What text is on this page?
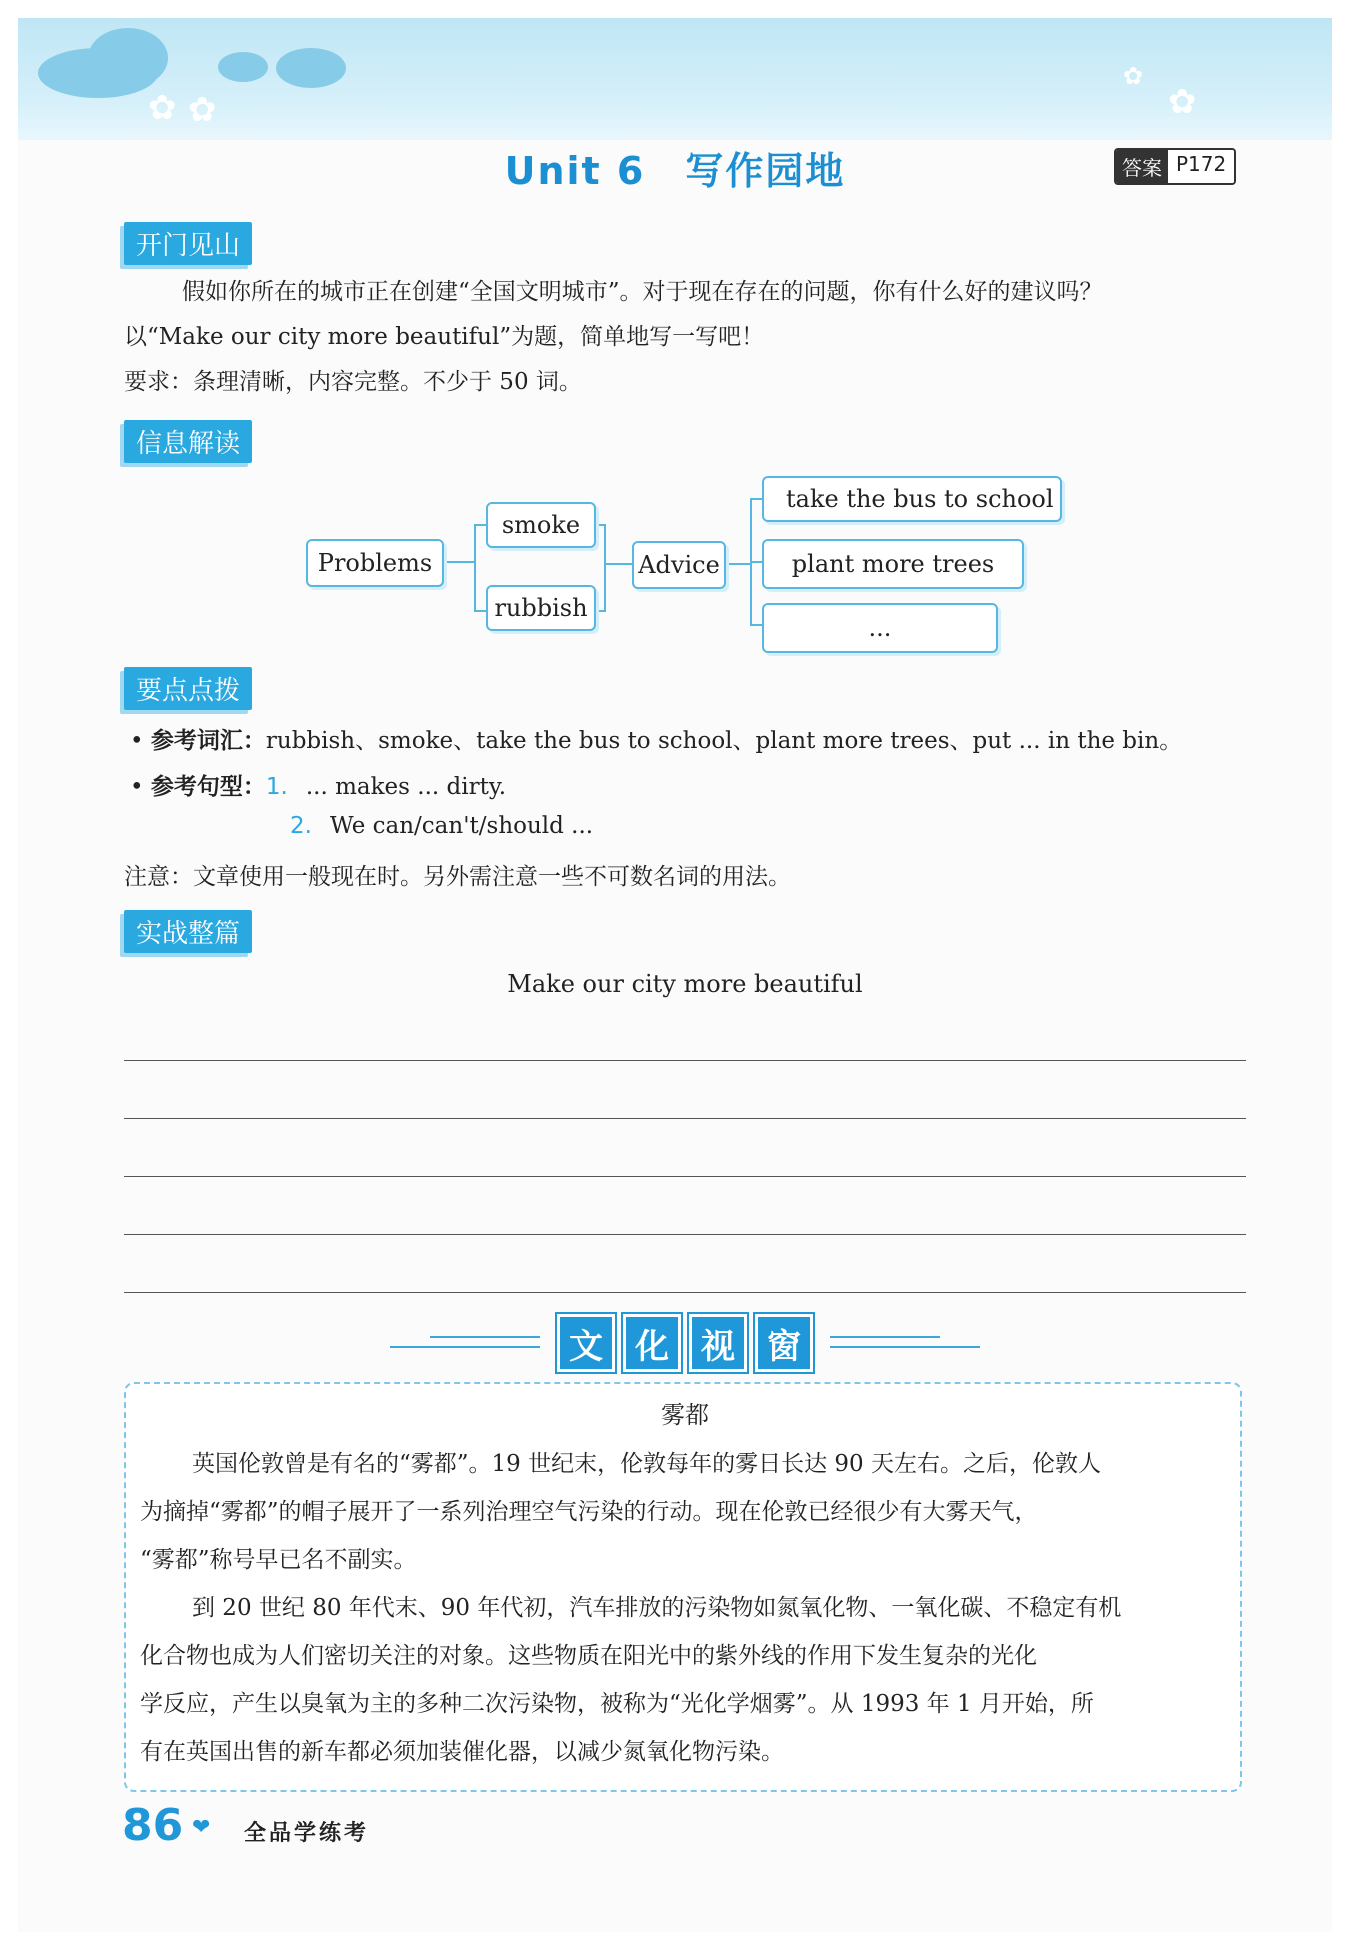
✿ ✿	✿
✿
Unit 6 写作园地	答案 P172
开门见山
假如你所在的城市正在创建“全国文明城市”。对于现在存在的问题，你有什么好的建议吗？
以“Make our city more beautiful”为题，简单地写一写吧！
要求：条理清晰，内容完整。不少于 50 词。
信息解读
Problems
smoke
rubbish
Advice
take the bus to school
plant more trees
...
要点点拨
• 参考词汇：rubbish、smoke、take the bus to school、plant more trees、put ... in the bin。
• 参考句型：1. ... makes ... dirty.
2. We can/can't/should ...
注意：文章使用一般现在时。另外需注意一些不可数名词的用法。
实战整篇
Make our city more beautiful
文 化 视 窗
雾都
英国伦敦曾是有名的“雾都”。19 世纪末，伦敦每年的雾日长达 90 天左右。之后，伦敦人
为摘掉“雾都”的帽子展开了一系列治理空气污染的行动。现在伦敦已经很少有大雾天气，
“雾都”称号早已名不副实。
到 20 世纪 80 年代末、90 年代初，汽车排放的污染物如氮氧化物、一氧化碳、不稳定有机
化合物也成为人们密切关注的对象。这些物质在阳光中的紫外线的作用下发生复杂的光化
学反应，产生以臭氧为主的多种二次污染物，被称为“光化学烟雾”。从 1993 年 1 月开始，所
有在英国出售的新车都必须加装催化器，以减少氮氧化物污染。
86 ❤ 全品学练考
